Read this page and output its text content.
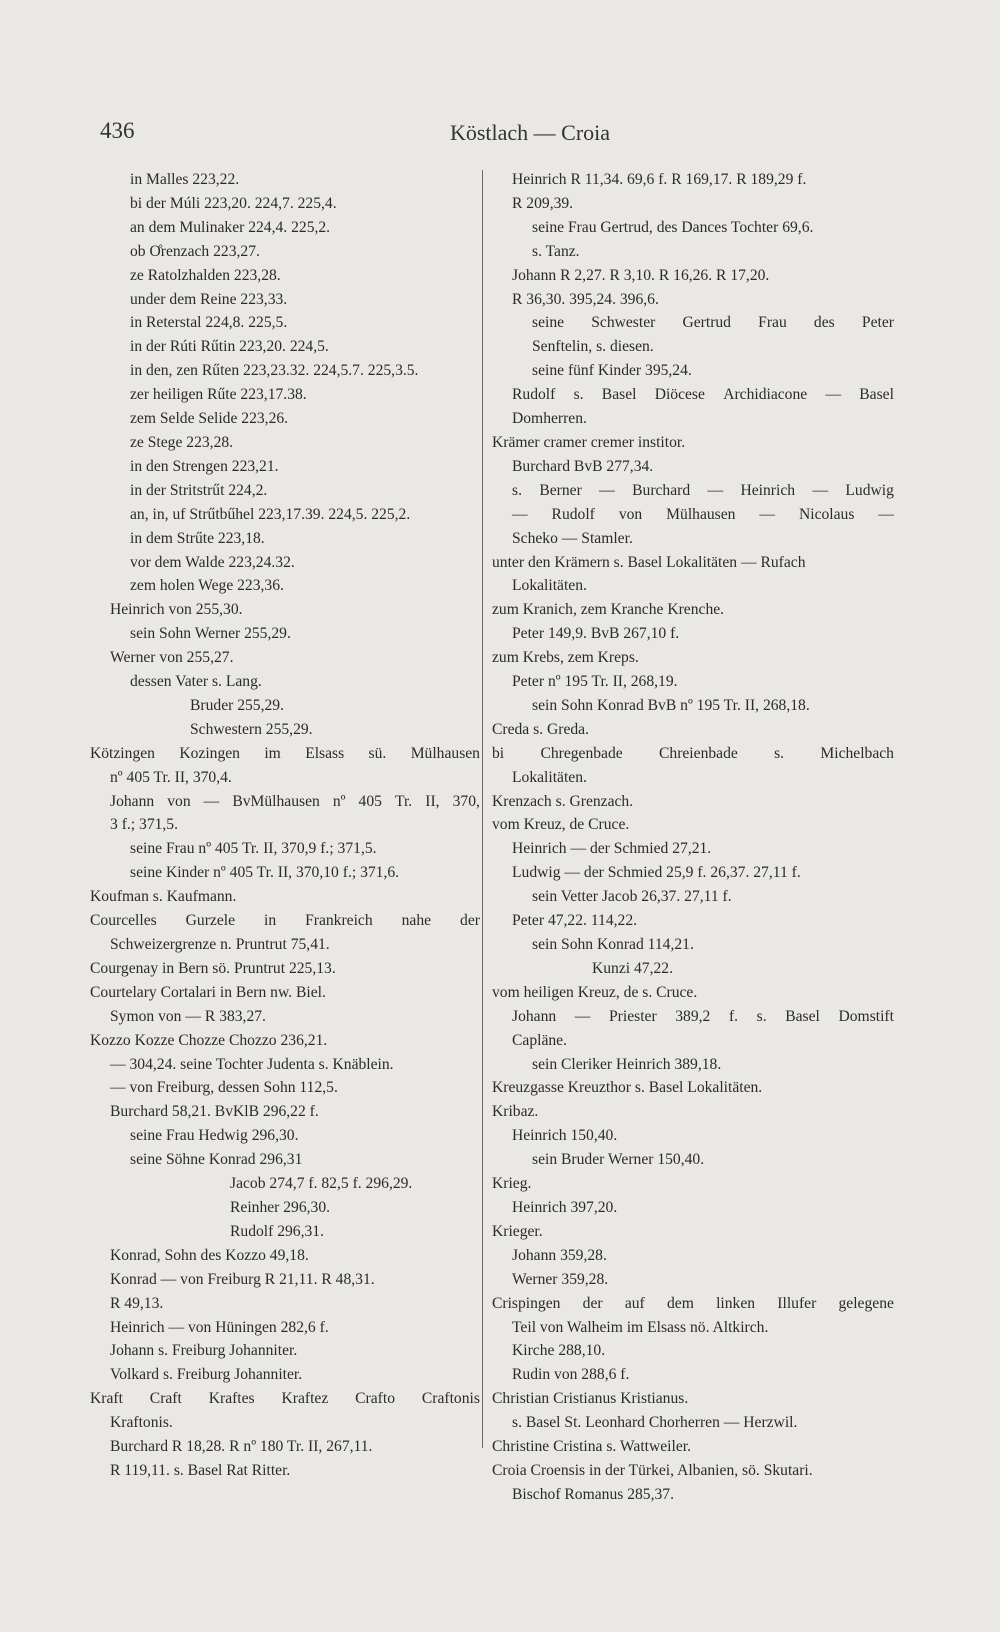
436	Köstlach — Croia
in Malles 223,22.
bi der Múli 223,20. 224,7. 225,4.
an dem Mulinaker 224,4. 225,2.
ob O̊renzach 223,27.
ze Ratolzhalden 223,28.
under dem Reine 223,33.
in Reterstal 224,8. 225,5.
in der Rúti Rűtin 223,20. 224,5.
in den, zen Rűten 223,23.32. 224,5.7. 225,3.5.
zer heiligen Rűte 223,17.38.
zem Selde Selide 223,26.
ze Stege 223,28.
in den Strengen 223,21.
in der Stritstrűt 224,2.
an, in, uf Strűtbűhel 223,17.39. 224,5. 225,2.
in dem Strűte 223,18.
vor dem Walde 223,24.32.
zem holen Wege 223,36.
Heinrich von 255,30.
sein Sohn Werner 255,29.
Werner von 255,27.
dessen Vater s. Lang.
Bruder 255,29.
Schwestern 255,29.
Kötzingen Kozingen im Elsass sü. Mülhausen
nº 405 Tr. II, 370,4.
Johann von — BvMülhausen nº 405 Tr. II, 370,
3 f.; 371,5.
seine Frau nº 405 Tr. II, 370,9 f.; 371,5.
seine Kinder nº 405 Tr. II, 370,10 f.; 371,6.
Koufman s. Kaufmann.
Courcelles Gurzele in Frankreich nahe der
Schweizergrenze n. Pruntrut 75,41.
Courgenay in Bern sö. Pruntrut 225,13.
Courtelary Cortalari in Bern nw. Biel.
Symon von — R 383,27.
Kozzo Kozze Chozze Chozzo 236,21.
— 304,24. seine Tochter Judenta s. Knäblein.
— von Freiburg, dessen Sohn 112,5.
Burchard 58,21. BvKlB 296,22 f.
seine Frau Hedwig 296,30.
seine Söhne Konrad 296,31
Jacob 274,7 f. 82,5 f. 296,29.
Reinher 296,30.
Rudolf 296,31.
Konrad, Sohn des Kozzo 49,18.
Konrad — von Freiburg R 21,11. R 48,31.
R 49,13.
Heinrich — von Hüningen 282,6 f.
Johann s. Freiburg Johanniter.
Volkard s. Freiburg Johanniter.
Kraft Craft Kraftes Kraftez Crafto Craftonis
Kraftonis.
Burchard R 18,28. R nº 180 Tr. II, 267,11.
R 119,11. s. Basel Rat Ritter.
Heinrich R 11,34. 69,6 f. R 169,17. R 189,29 f.
R 209,39.
seine Frau Gertrud, des Dances Tochter 69,6.
s. Tanz.
Johann R 2,27. R 3,10. R 16,26. R 17,20.
R 36,30. 395,24. 396,6.
seine Schwester Gertrud Frau des Peter
Senftelin, s. diesen.
seine fünf Kinder 395,24.
Rudolf s. Basel Diöcese Archidiacone — Basel
Domherren.
Krämer cramer cremer institor.
Burchard BvB 277,34.
s. Berner — Burchard — Heinrich — Ludwig
— Rudolf von Mülhausen — Nicolaus —
Scheko — Stamler.
unter den Krämern s. Basel Lokalitäten — Rufach
Lokalitäten.
zum Kranich, zem Kranche Krenche.
Peter 149,9. BvB 267,10 f.
zum Krebs, zem Kreps.
Peter nº 195 Tr. II, 268,19.
sein Sohn Konrad BvB nº 195 Tr. II, 268,18.
Creda s. Greda.
bi Chregenbade Chreienbade s. Michelbach
Lokalitäten.
Krenzach s. Grenzach.
vom Kreuz, de Cruce.
Heinrich — der Schmied 27,21.
Ludwig — der Schmied 25,9 f. 26,37. 27,11 f.
sein Vetter Jacob 26,37. 27,11 f.
Peter 47,22. 114,22.
sein Sohn Konrad 114,21.
Kunzi 47,22.
vom heiligen Kreuz, de s. Cruce.
Johann — Priester 389,2 f. s. Basel Domstift
Capläne.
sein Cleriker Heinrich 389,18.
Kreuzgasse Kreuzthor s. Basel Lokalitäten.
Kribaz.
Heinrich 150,40.
sein Bruder Werner 150,40.
Krieg.
Heinrich 397,20.
Krieger.
Johann 359,28.
Werner 359,28.
Crispingen der auf dem linken Illufer gelegene
Teil von Walheim im Elsass nö. Altkirch.
Kirche 288,10.
Rudin von 288,6 f.
Christian Cristianus Kristianus.
s. Basel St. Leonhard Chorherren — Herzwil.
Christine Cristina s. Wattweiler.
Croia Croensis in der Türkei, Albanien, sö. Skutari.
Bischof Romanus 285,37.
